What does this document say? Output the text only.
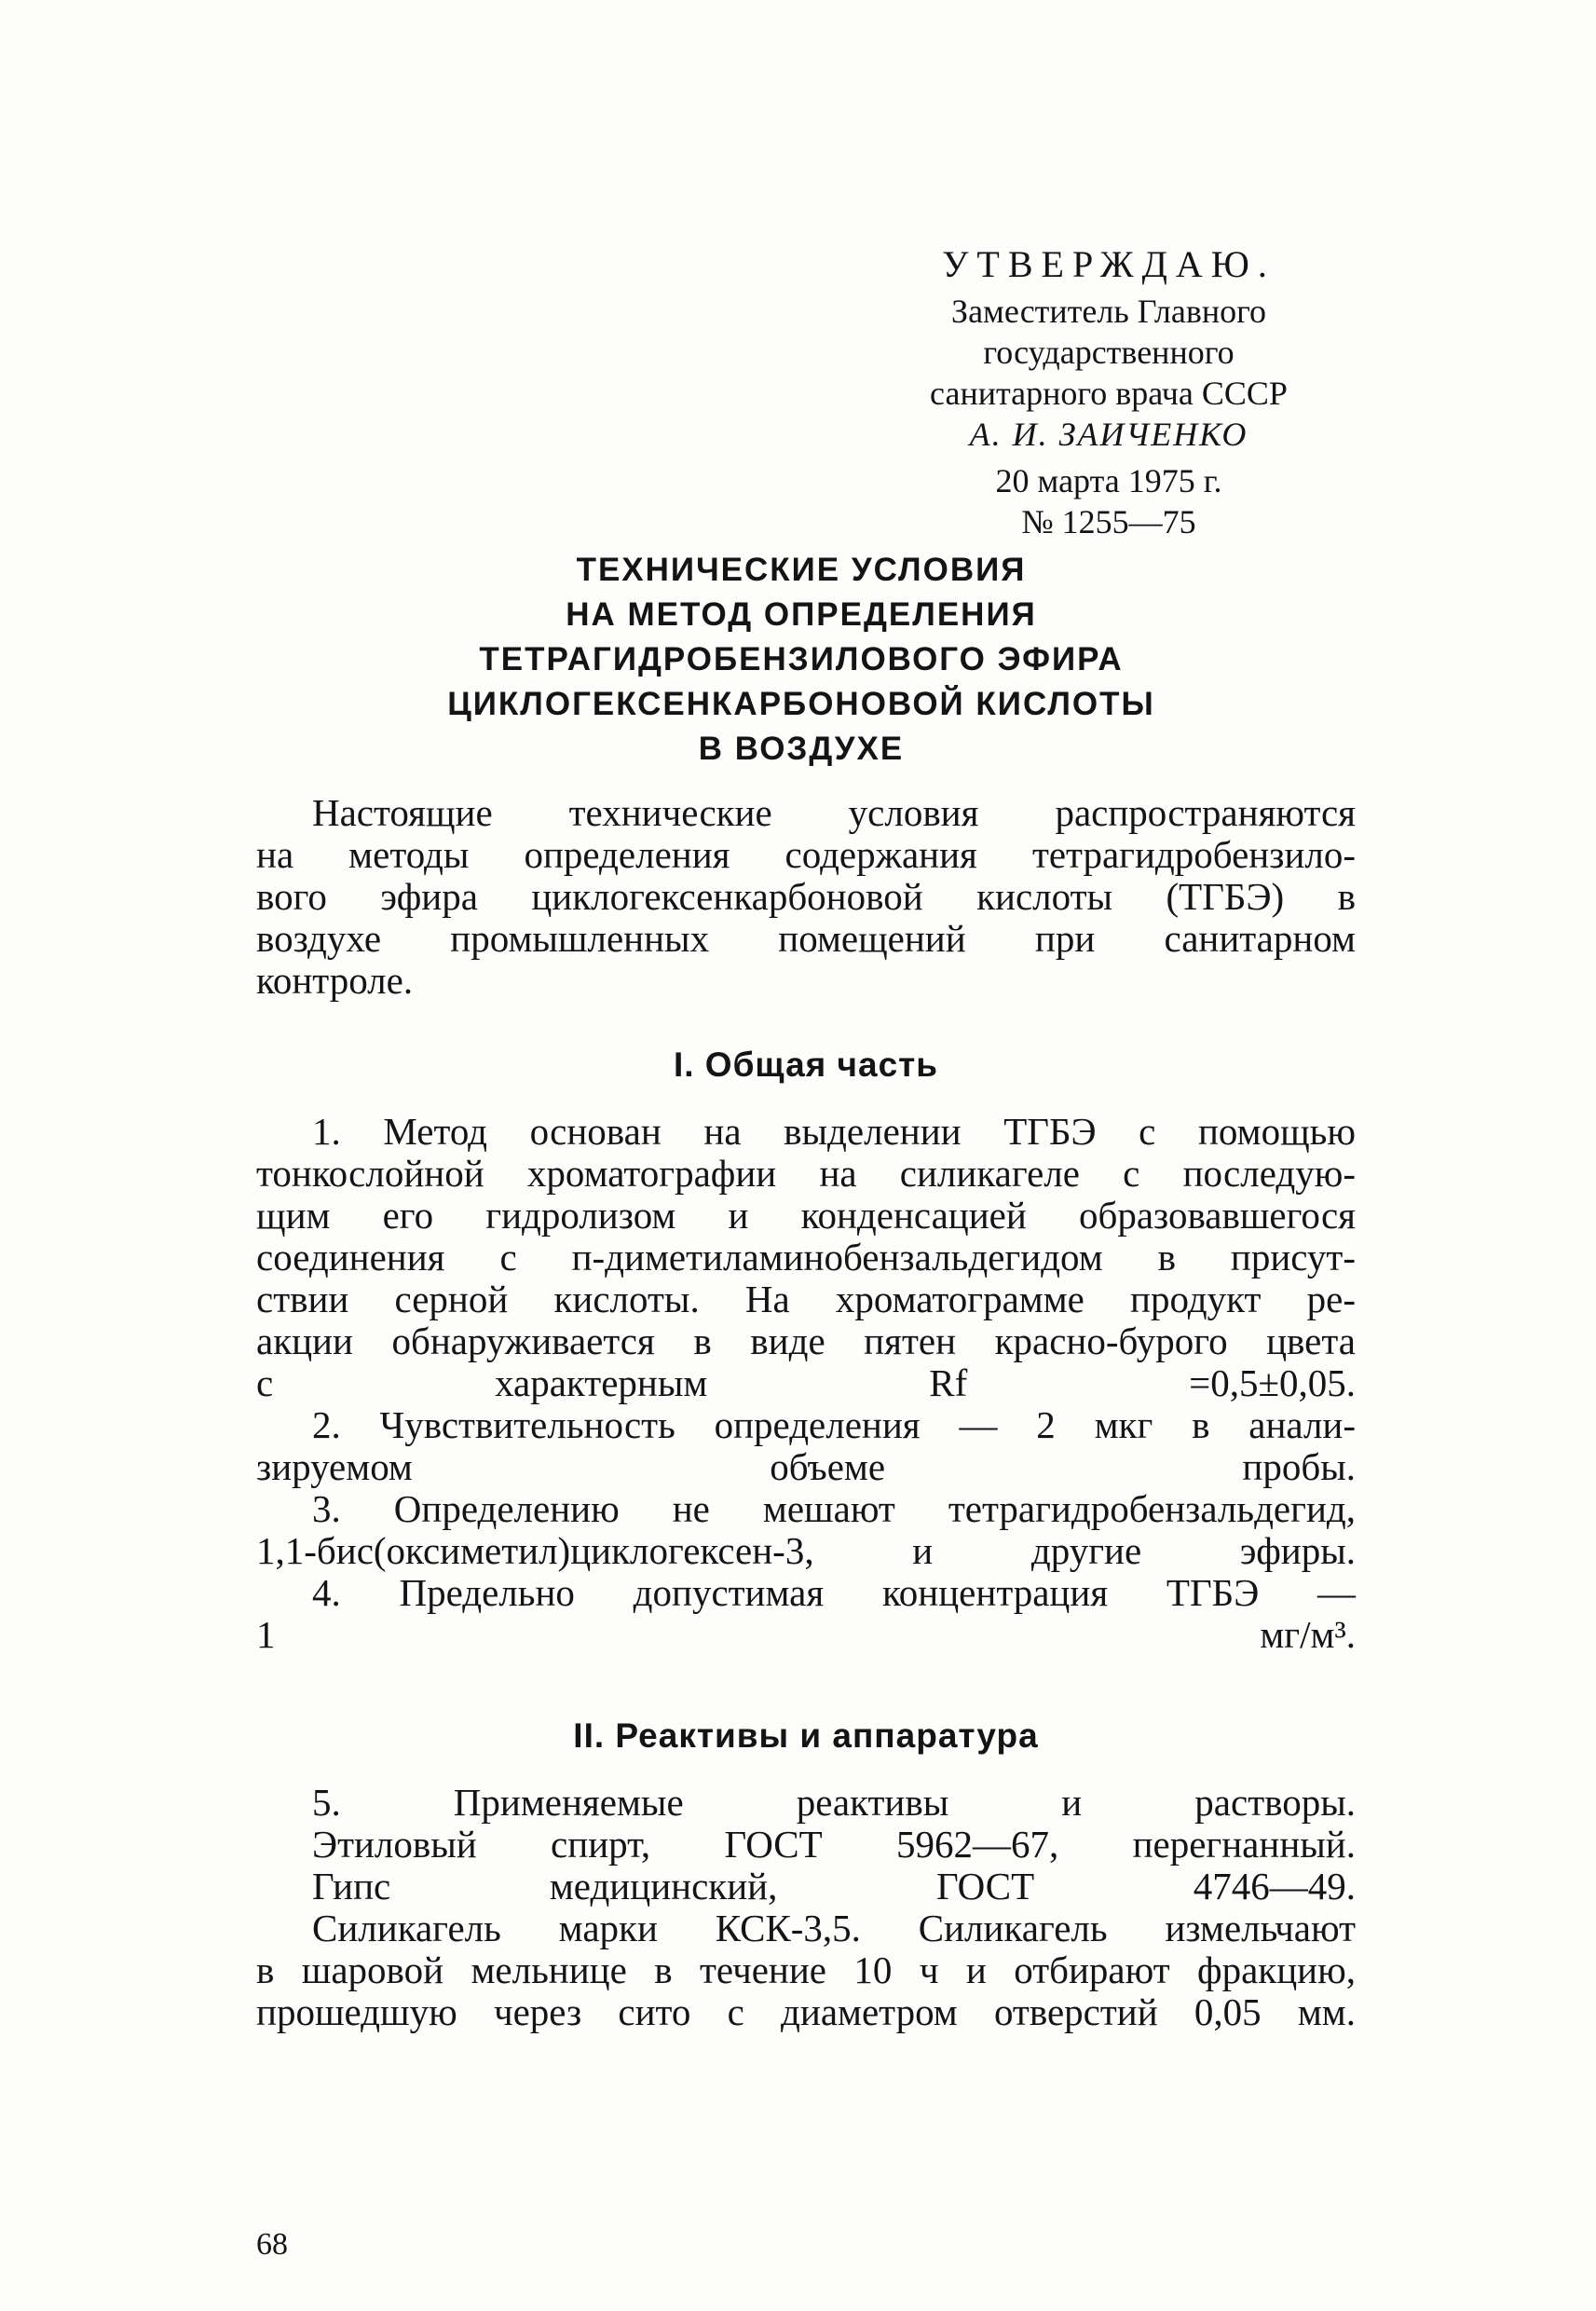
УТВЕРЖДАЮ.
Заместитель Главного
государственного
санитарного врача СССР
А. И. ЗАИЧЕНКО
20 марта 1975 г.
№ 1255—75
ТЕХНИЧЕСКИЕ УСЛОВИЯ
НА МЕТОД ОПРЕДЕЛЕНИЯ
ТЕТРАГИДРОБЕНЗИЛОВОГО ЭФИРА
ЦИКЛОГЕКСЕНКАРБОНОВОЙ КИСЛОТЫ
В ВОЗДУХЕ
Настоящие технические условия распространяются
на методы определения содержания тетрагидробензило-
вого эфира циклогексенкарбоновой кислоты (ТГБЭ) в
воздухе промышленных помещений при санитарном
контроле.
I. Общая часть
1. Метод основан на выделении ТГБЭ с помощью
тонкослойной хроматографии на силикагеле с последую-
щим его гидролизом и конденсацией образовавшегося
соединения с п-диметиламинобензальдегидом в присут-
ствии серной кислоты. На хроматограмме продукт ре-
акции обнаруживается в виде пятен красно-бурого цвета
с характерным Rf =0,5±0,05.
2. Чувствительность определения — 2 мкг в анали-
зируемом объеме пробы.
3. Определению не мешают тетрагидробензальдегид,
1,1-бис(оксиметил)циклогексен-3, и другие эфиры.
4. Предельно допустимая концентрация ТГБЭ —
1 мг/м³.
II. Реактивы и аппаратура
5. Применяемые реактивы и растворы.
Этиловый спирт, ГОСТ 5962—67, перегнанный.
Гипс медицинский, ГОСТ 4746—49.
Силикагель марки КСК-3,5. Силикагель измельчают
в шаровой мельнице в течение 10 ч и отбирают фракцию,
прошедшую через сито с диаметром отверстий 0,05 мм.
68
